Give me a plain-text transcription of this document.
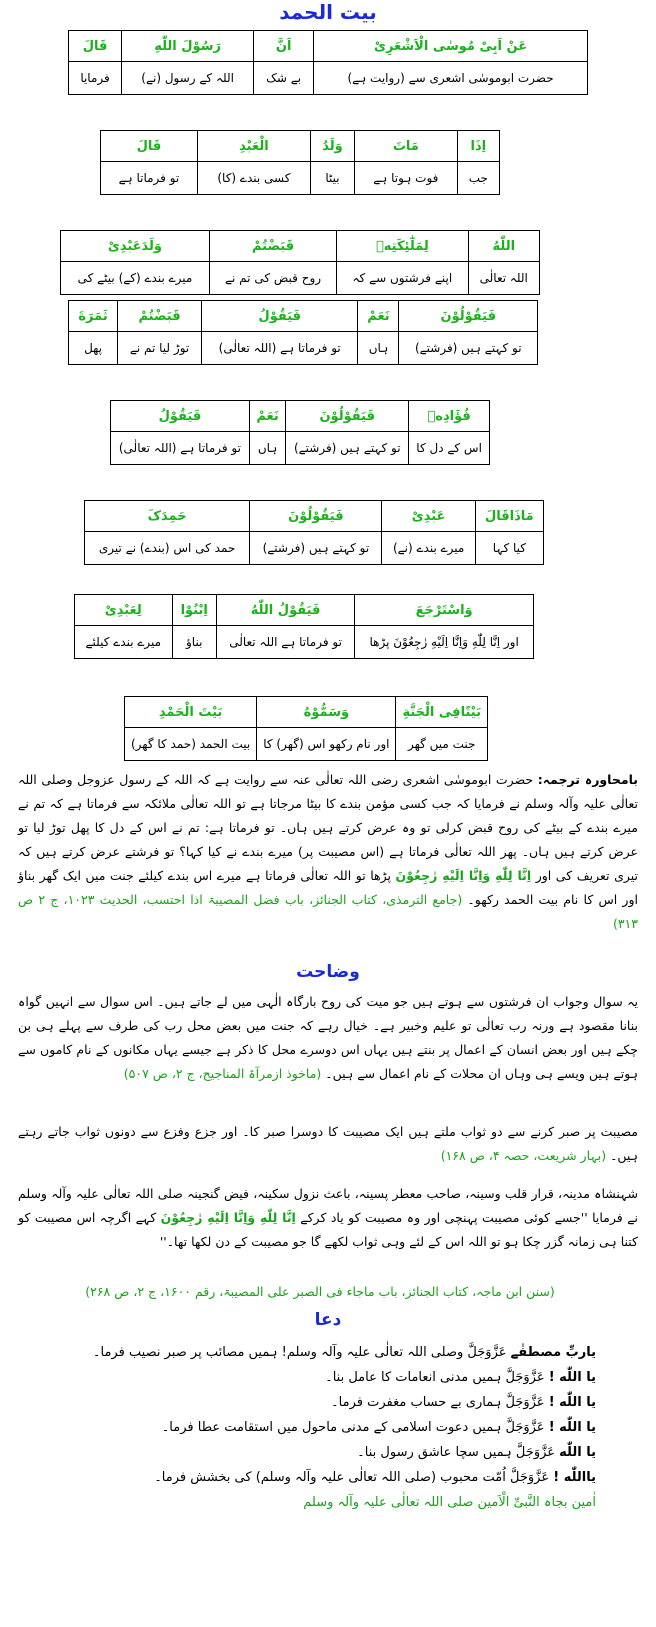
بیت الحمد
عَنْ اَبِیْ مُوسٰی الْاَشْعَرِیْ	اَنَّ	رَسُوْلَ اللّٰهِ	قَالَ
حضرت ابوموسٰی اشعری سے (روایت ہے)	بے شک	اللہ کے رسول (نے)	فرمایا
اِذَا	مَاتَ	وَلَدُ	الْعَبْدِ	قَالَ
جب	فوت ہوتا ہے	بیٹا	کسی بندے (کا)	تو فرماتا ہے
اللّٰهُ	لِمَلٰٓئِکَتِهٖ	قَبَضْتُمْ	وَلَدَعَبْدِیْ
اللہ تعالٰی	اپنے فرشتوں سے کہ	روح قبض کی تم نے	میرے بندے (کے) بیٹے کی
فَیَقُوْلُوْنَ	نَعَمْ	فَیَقُوْلُ	قَبَضْتُمْ	ثَمَرَةَ
تو کہتے ہیں (فرشتے)	ہاں	تو فرماتا ہے (اللہ تعالٰی)	توڑ لیا تم نے	پھل
فُؤَادِهٖ	فَیَقُوْلُوْنَ	نَعَمْ	فَیَقُوْلُ
اس کے دل کا	تو کہتے ہیں (فرشتے)	ہاں	تو فرماتا ہے (اللہ تعالٰی)
مَاذَاقَالَ	عَبْدِیْ	فَیَقُوْلُوْنَ	حَمِدَکَ
کیا کہا	میرے بندے (نے)	تو کہتے ہیں (فرشتے)	حمد کی اس (بندے) نے تیری
وَاسْتَرْجَعَ	فَیَقُوْلُ اللّٰهُ	اِبْنُوْا	لِعَبْدِیْ
اور اِنَّا لِلّٰهِ وَاِنَّا اِلَیْهِ رٰجِعُوْنَ پڑھا	تو فرماتا ہے اللہ تعالٰی	بناؤ	میرے بندے کیلئے
بَیْتًافِی الْجَنَّةِ	وَسَمُّوْهُ	بَیْتَ الْحَمْدِ
جنت میں گھر	اور نام رکھو اس (گھر) کا	بیت الحمد (حمد کا گھر)
بامحاورہ ترجمہ: حضرت ابوموسٰی اشعری رضی اللہ تعالٰی عنہ سے روایت ہے کہ اللہ کے رسول عزوجل وصلی اللہ تعالٰی علیہ وآلہ وسلم نے فرمایا کہ جب کسی مؤمن بندے کا بیٹا مرجاتا ہے تو اللہ تعالٰی ملائکہ سے فرماتا ہے کہ تم نے میرے بندے کے بیٹے کی روح قبض کرلی تو وہ عرض کرتے ہیں ہاں۔ تو فرماتا ہے: تم نے اس کے دل کا پھل توڑ لیا تو عرض کرتے ہیں ہاں۔ پھر اللہ تعالٰی فرماتا ہے (اس مصیبت پر) میرے بندے نے کیا کہا؟ تو فرشتے عرض کرتے ہیں کہ تیری تعریف کی اور اِنَّا لِلّٰهِ وَاِنَّا اِلَیْهِ رٰجِعُوْنَ پڑھا تو اللہ تعالٰی فرماتا ہے میرے اس بندے کیلئے جنت میں ایک گھر بناؤ اور اس کا نام بیت الحمد رکھو۔ (جامع الترمذی، کتاب الجنائز، باب فضل المصیبۃ اذا احتسب، الحدیث ۱۰۲۳، ج ۲ ص ۳۱۳)
وضاحت
یہ سوال وجواب ان فرشتوں سے ہوتے ہیں جو میت کی روح بارگاہ الٰہی میں لے جاتے ہیں۔ اس سوال سے انہیں گواہ بنانا مقصود ہے ورنہ رب تعالٰی تو علیم وخبیر ہے۔ خیال رہے کہ جنت میں بعض محل رب کی طرف سے پہلے ہی بن چکے ہیں اور بعض انسان کے اعمال پر بنتے ہیں یہاں اس دوسرے محل کا ذکر ہے جیسے یہاں مکانوں کے نام کاموں سے ہوتے ہیں ویسے ہی وہاں ان محلات کے نام اعمال سے ہیں۔ (ماخوذ ازمرآۃ المناجیح، ج ۲، ص ۵۰۷)
مصیبت پر صبر کرنے سے دو ثواب ملتے ہیں ایک مصیبت کا دوسرا صبر کا۔ اور جزع وفزع سے دونوں ثواب جاتے رہتے ہیں۔ (بہار شریعت، حصہ ۴، ص ۱۶۸)
شہنشاہ مدینہ، قرار قلب وسینہ، صاحب معطر پسینہ، باعث نزول سکینہ، فیض گنجینہ صلی اللہ تعالٰی علیہ وآلہ وسلم نے فرمایا ''جسے کوئی مصیبت پہنچی اور وہ مصیبت کو یاد کرکے اِنَّا لِلّٰهِ وَاِنَّا اِلَیْهِ رٰجِعُوْنَ کہے اگرچہ اس مصیبت کو کتنا ہی زمانہ گزر چکا ہو تو اللہ اس کے لئے وہی ثواب لکھے گا جو مصیبت کے دن لکھا تھا۔''
(سنن ابن ماجہ، کتاب الجنائز، باب ماجاء فی الصبر علی المصیبۃ، رقم ۱۶۰۰، ج ۲، ص ۲۶۸)
دعا
یاربِّ مصطفٰے عَزَّوَجَلَّ وصلی اللہ تعالٰی علیہ وآلہ وسلم! ہمیں مصائب پر صبر نصیب فرما۔
یا اللّٰه ! عَزَّوَجَلَّ ہمیں مدنی انعامات کا عامل بنا۔
یا اللّٰه ! عَزَّوَجَلَّ ہماری بے حساب مغفرت فرما۔
یا اللّٰه ! عَزَّوَجَلَّ ہمیں دعوت اسلامی کے مدنی ماحول میں استقامت عطا فرما۔
یا اللّٰه عَزَّوَجَلَّ ہمیں سچا عاشق رسول بنا۔
یااللّٰه ! عَزَّوَجَلَّ اُمّت محبوب (صلی اللہ تعالٰی علیہ وآلہ وسلم) کی بخشش فرما۔
اٰمین بجاہ النَّبیِّ الْاَمین صلی اللہ تعالٰی علیہ وآلہ وسلم
